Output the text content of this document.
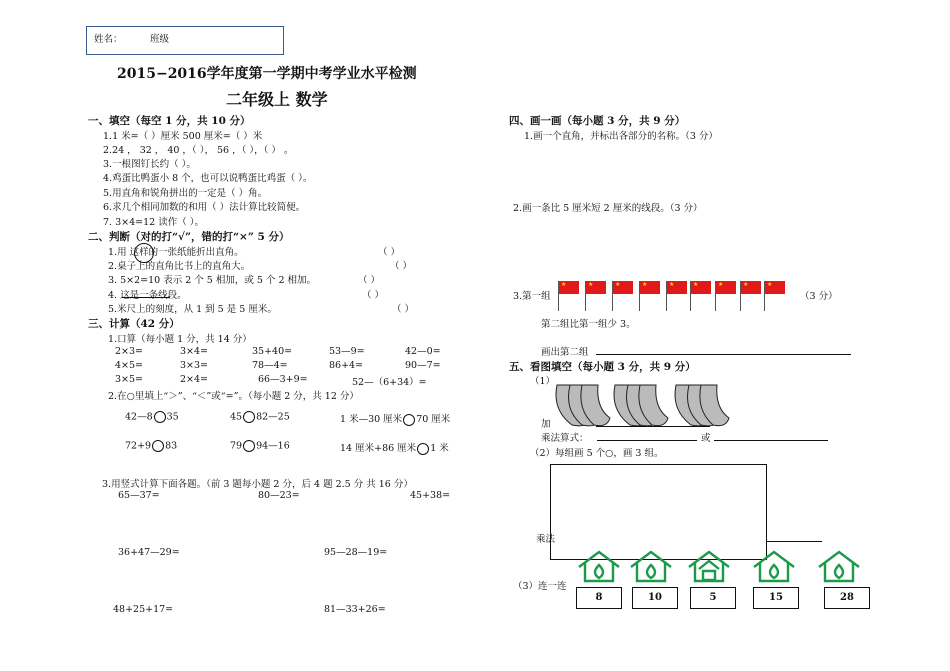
姓名：	班级
2015−2016学年度第一学期中考学业水平检测
二年级上 数学
一、填空（每空 1 分，共 10 分）
1.1 米=（ ）厘米 500 厘米=（ ）米
2.24 ， 32 ， 40 ，（ ）， 56 ，（ ），（ ） 。
3.一根图钉长约（ ）。
4.鸡蛋比鸭蛋小 8 个，也可以说鸭蛋比鸡蛋（ ）。
5.用直角和锐角拼出的一定是（ ）角。
6.求几个相同加数的和用（ ）法计算比较简便。
7. 3×4=12 读作（ ）。
二、判断（对的打“√”，错的打“×” 5 分）
1.用 这样的一张纸能折出直角。	（ ）
2.桌子上的直角比书上的直角大。	（ ）
3. 5×2=10 表示 2 个 5 相加，或 5 个 2 相加。	（ ）
4. 这是一条线段。	（ ）
5.米尺上的刻度，从 1 到 5 是 5 厘米。	（ ）
三、计算（42 分）
1.口算（每小题 1 分，共 14 分）
2×3=	3×4=	35+40=	53—9=	42—0=
4×5=	3×3=	78—4=	86+4=	90—7=
3×5=	2×4=	66—3+9=	52—（6+34）=
2.在○里填上“＞”、“＜”或“=”。（每小题 2 分，共 12 分）
42—8 35	45 82—25	1 米—30 厘米 70 厘米
72+9 83	79 94—16	14 厘米+86 厘米 1 米
3.用竖式计算下面各题。（前 3 题每小题 2 分，后 4 题 2.5 分 共 16 分）
65—37=	80—23=	45+38=
36+47—29=	95—28—19=
48+25+17=	81—33+26=
四、画一画（每小题 3 分，共 9 分）
1.画一个直角，并标出各部分的名称。（3 分）
2.画一条比 5 厘米短 2 厘米的线段。（3 分）
3.第一组
★	★	★	★	★	★	★	★	★
（3 分）
第二组比第一组少 3。
画出第二组
五、看图填空（每小题 3 分，共 9 分）
（1）
加
乘法算式：	或
（2）每组画 5 个○，画 3 组。
乘法
（3）连一连
8	10	5	15	28
